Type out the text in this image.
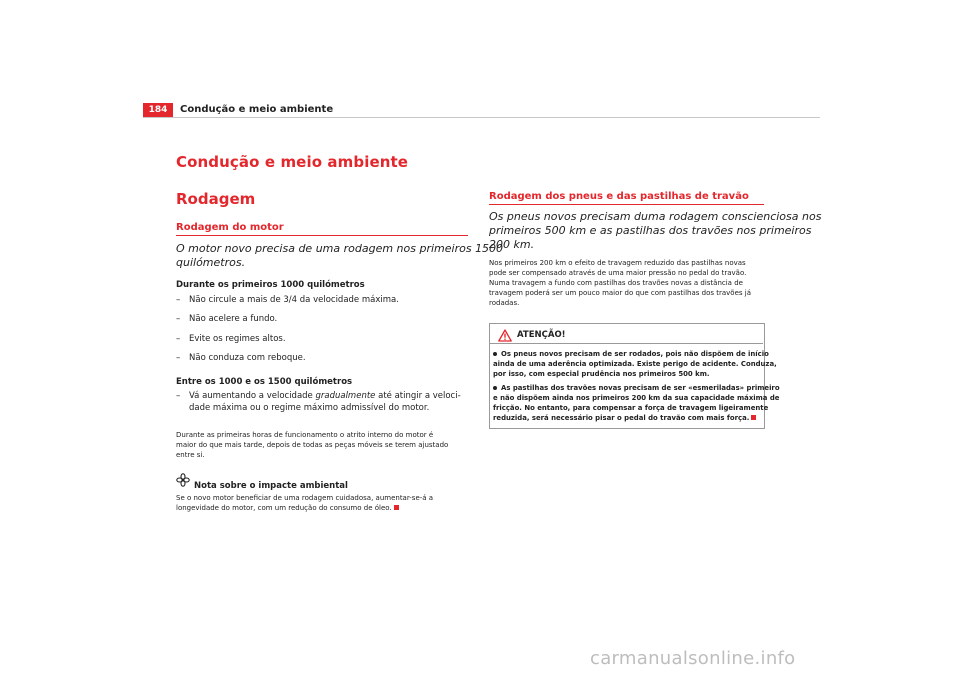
184	Condução e meio ambiente
Condução e meio ambiente
Rodagem
Rodagem do motor
O motor novo precisa de uma rodagem nos primeiros 1500
quilómetros.
Durante os primeiros 1000 quilómetros
– Não circule a mais de 3/4 da velocidade máxima.
– Não acelere a fundo.
– Evite os regimes altos.
– Não conduza com reboque.
Entre os 1000 e os 1500 quilómetros
– Vá aumentando a velocidade gradualmente até atingir a veloci-
dade máxima ou o regime máximo admissível do motor.
Durante as primeiras horas de funcionamento o atrito interno do motor é
maior do que mais tarde, depois de todas as peças móveis se terem ajustado
entre si.
Nota sobre o impacte ambiental
Se o novo motor beneficiar de uma rodagem cuidadosa, aumentar-se-á a
longevidade do motor, com um redução do consumo de óleo.
Rodagem dos pneus e das pastilhas de travão
Os pneus novos precisam duma rodagem conscienciosa nos
primeiros 500 km e as pastilhas dos travões nos primeiros
200 km.
Nos primeiros 200 km o efeito de travagem reduzido das pastilhas novas
pode ser compensado através de uma maior pressão no pedal do travão.
Numa travagem a fundo com pastilhas dos travões novas a distância de
travagem poderá ser um pouco maior do que com pastilhas dos travões já
rodadas.
ATENÇÃO!
Os pneus novos precisam de ser rodados, pois não dispõem de início
ainda de uma aderência optimizada. Existe perigo de acidente. Conduza,
por isso, com especial prudência nos primeiros 500 km.
As pastilhas dos travões novas precisam de ser «esmeriladas» primeiro
e não dispõem ainda nos primeiros 200 km da sua capacidade máxima de
fricção. No entanto, para compensar a força de travagem ligeiramente
reduzida, será necessário pisar o pedal do travão com mais força.
carmanualsonline.info
